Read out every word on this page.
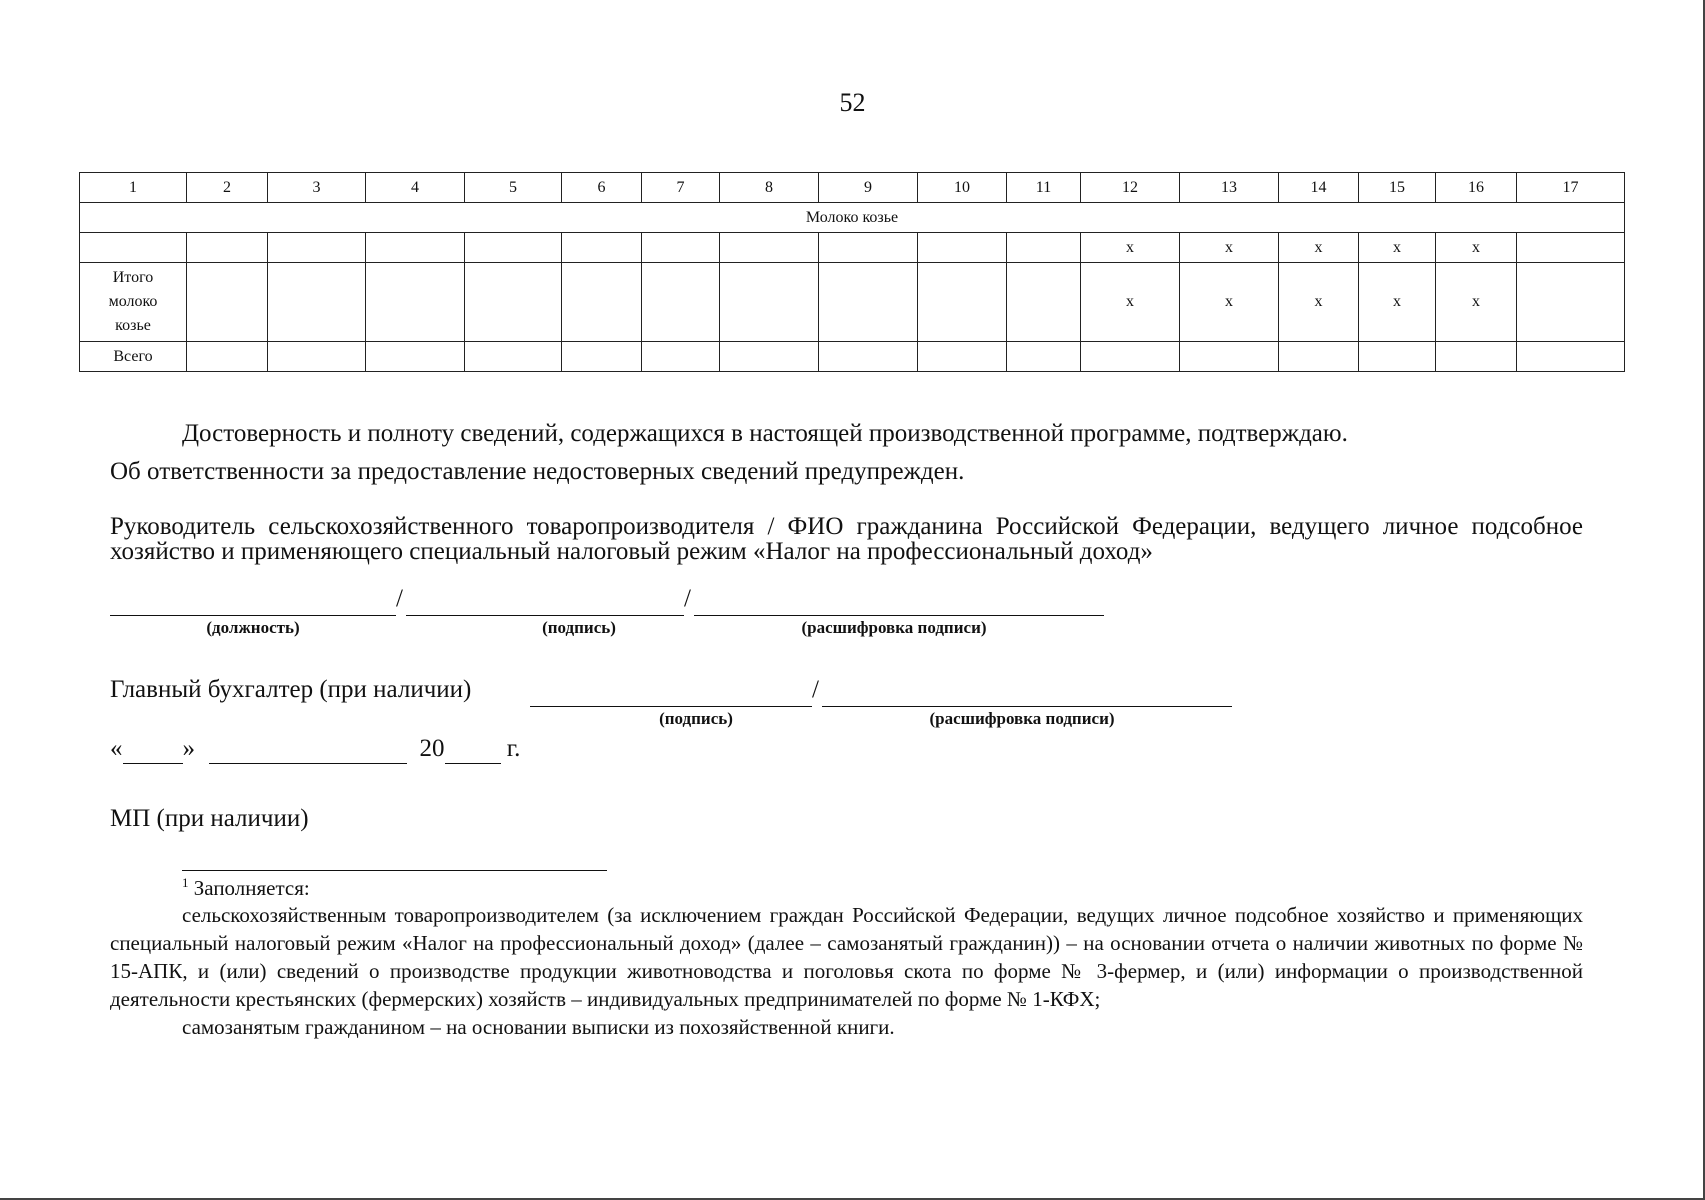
52
1	2	3	4	5	6	7	8	9	10	11	12	13	14	15	16	17
Молоко козье																
											x	x	x	x	x	

Итого
молоко
козье											x	x	x	x	x	
Всего																
Достоверность и полноту сведений, содержащихся в настоящей производственной программе, подтверждаю.
Об ответственности за предоставление недостоверных сведений предупрежден.
Руководитель сельскохозяйственного товаропроизводителя / ФИО гражданина Российской Федерации, ведущего личное подсобное хозяйство и применяющего специальный налоговый режим «Налог на профессиональный доход»
/	/
(должность)	(подпись)	(расшифровка подписи)
Главный бухгалтер (при наличии)	/
(подпись)	(расшифровка подписи)
« »	20 г.
МП (при наличии)
$^1$ Заполняется:

сельскохозяйственным товаропроизводителем (за исключением граждан Российской Федерации, ведущих личное подсобное хозяйство и применяющих специальный налоговый режим «Налог на профессиональный доход» (далее – самозанятый гражданин)) – на основании отчета о наличии животных по форме № 15-АПК, и (или) сведений о производстве продукции животноводства и поголовья скота по форме № 3-фермер, и (или) информации о производственной деятельности крестьянских (фермерских) хозяйств – индивидуальных предпринимателей по форме № 1-КФХ;

самозанятым гражданином – на основании выписки из похозяйственной книги.
